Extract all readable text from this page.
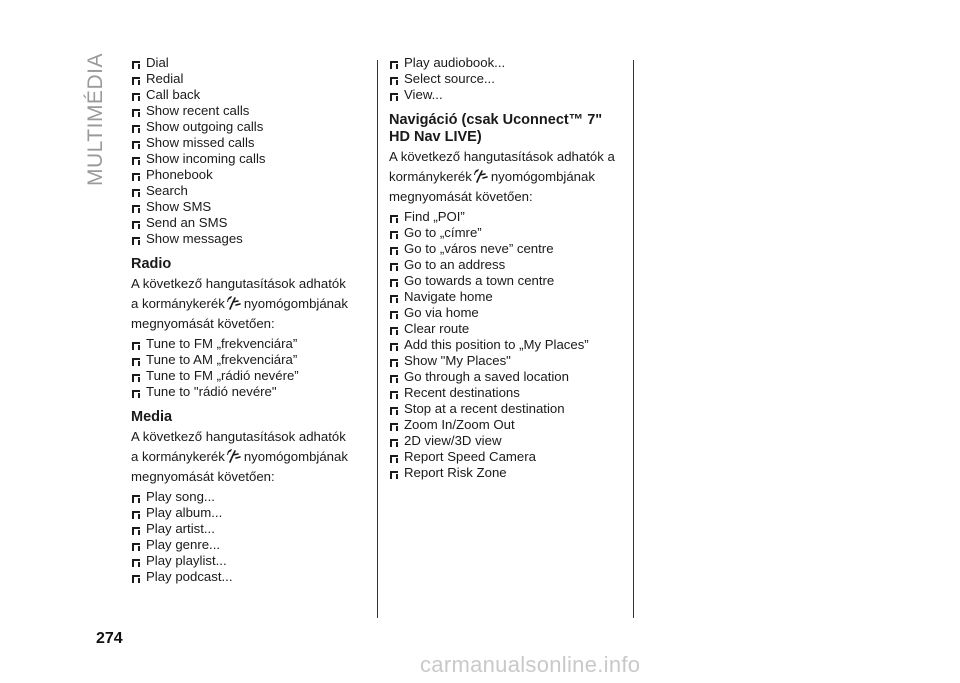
MULTIMÉDIA	Dial
Redial
Call back
Show recent calls
Show outgoing calls
Show missed calls
Show incoming calls
Phonebook
Search
Show SMS
Send an SMS
Show messages
Radio

A következő hangutasítások adhatók a kormánykerék nyomógombjának megnyomását követően:

Tune to FM „frekvenciára”
Tune to AM „frekvenciára”
Tune to FM „rádió nevére”
Tune to "rádió nevére"
Media

A következő hangutasítások adhatók a kormánykerék nyomógombjának megnyomását követően:

Play song...
Play album...
Play artist...
Play genre...
Play playlist...
Play podcast...
Play audiobook...
Select source...
View...
Navigáció (csak Uconnect™ 7" HD Nav LIVE)

A következő hangutasítások adhatók a kormánykerék nyomógombjának megnyomását követően:

Find „POI”
Go to „címre”
Go to „város neve” centre
Go to an address
Go towards a town centre
Navigate home
Go via home
Clear route
Add this position to „My Places”
Show "My Places"
Go through a saved location
Recent destinations
Stop at a recent destination
Zoom In/Zoom Out
2D view/3D view
Report Speed Camera
Report Risk Zone
274
carmanualsonline.info
